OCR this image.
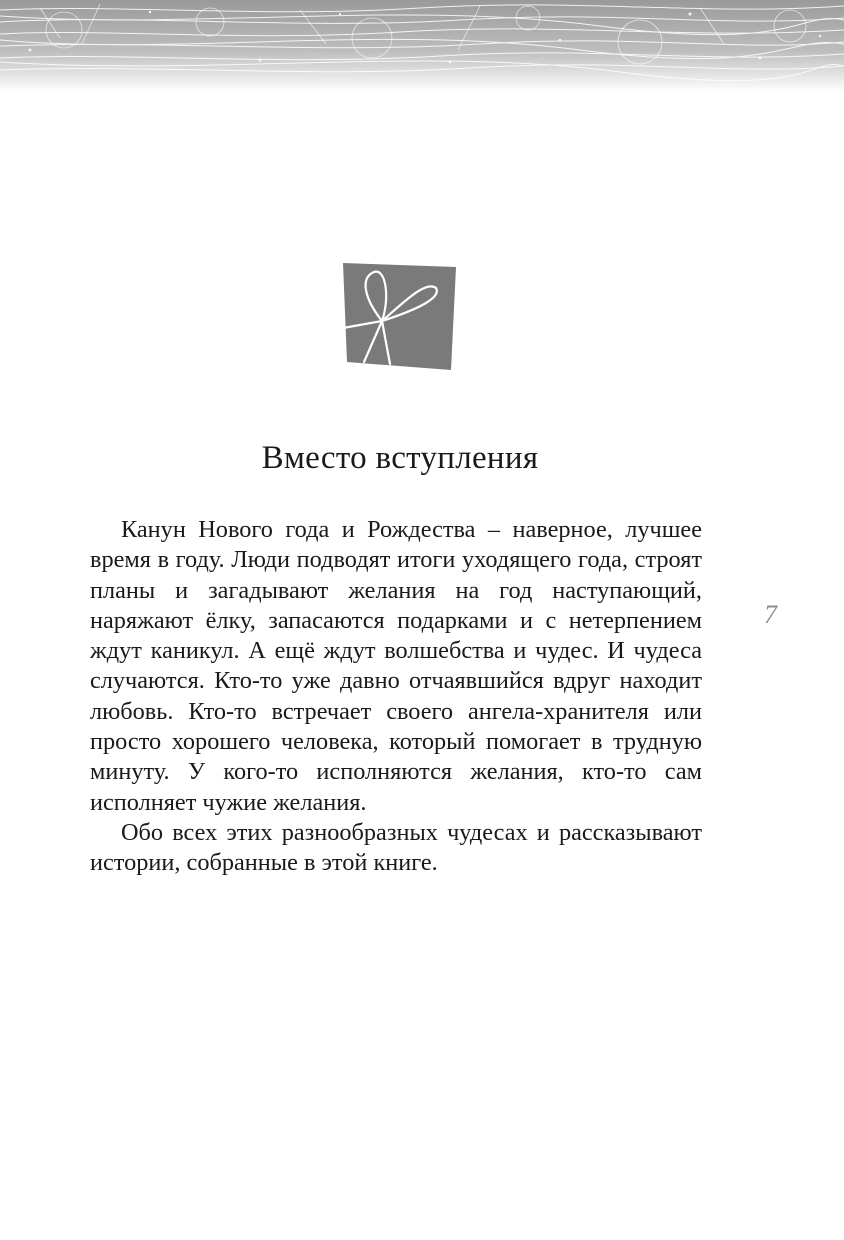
Вместо вступления

Канун Нового года и Рождества – наверное, лучшее время в году. Люди подводят итоги уходящего года, строят планы и загадывают желания на год наступающий, наряжают ёлку, запасаются подарками и с нетерпением ждут каникул. А ещё ждут волшебства и чудес. И чудеса случаются. Кто-то уже давно отчаявшийся вдруг находит любовь. Кто-то встречает своего ангела-хранителя или просто хорошего человека, который помогает в трудную минуту. У кого-то исполняются желания, кто-то сам исполняет чужие желания.

Обо всех этих разнообразных чудесах и рассказывают истории, собранные в этой книге.

7
